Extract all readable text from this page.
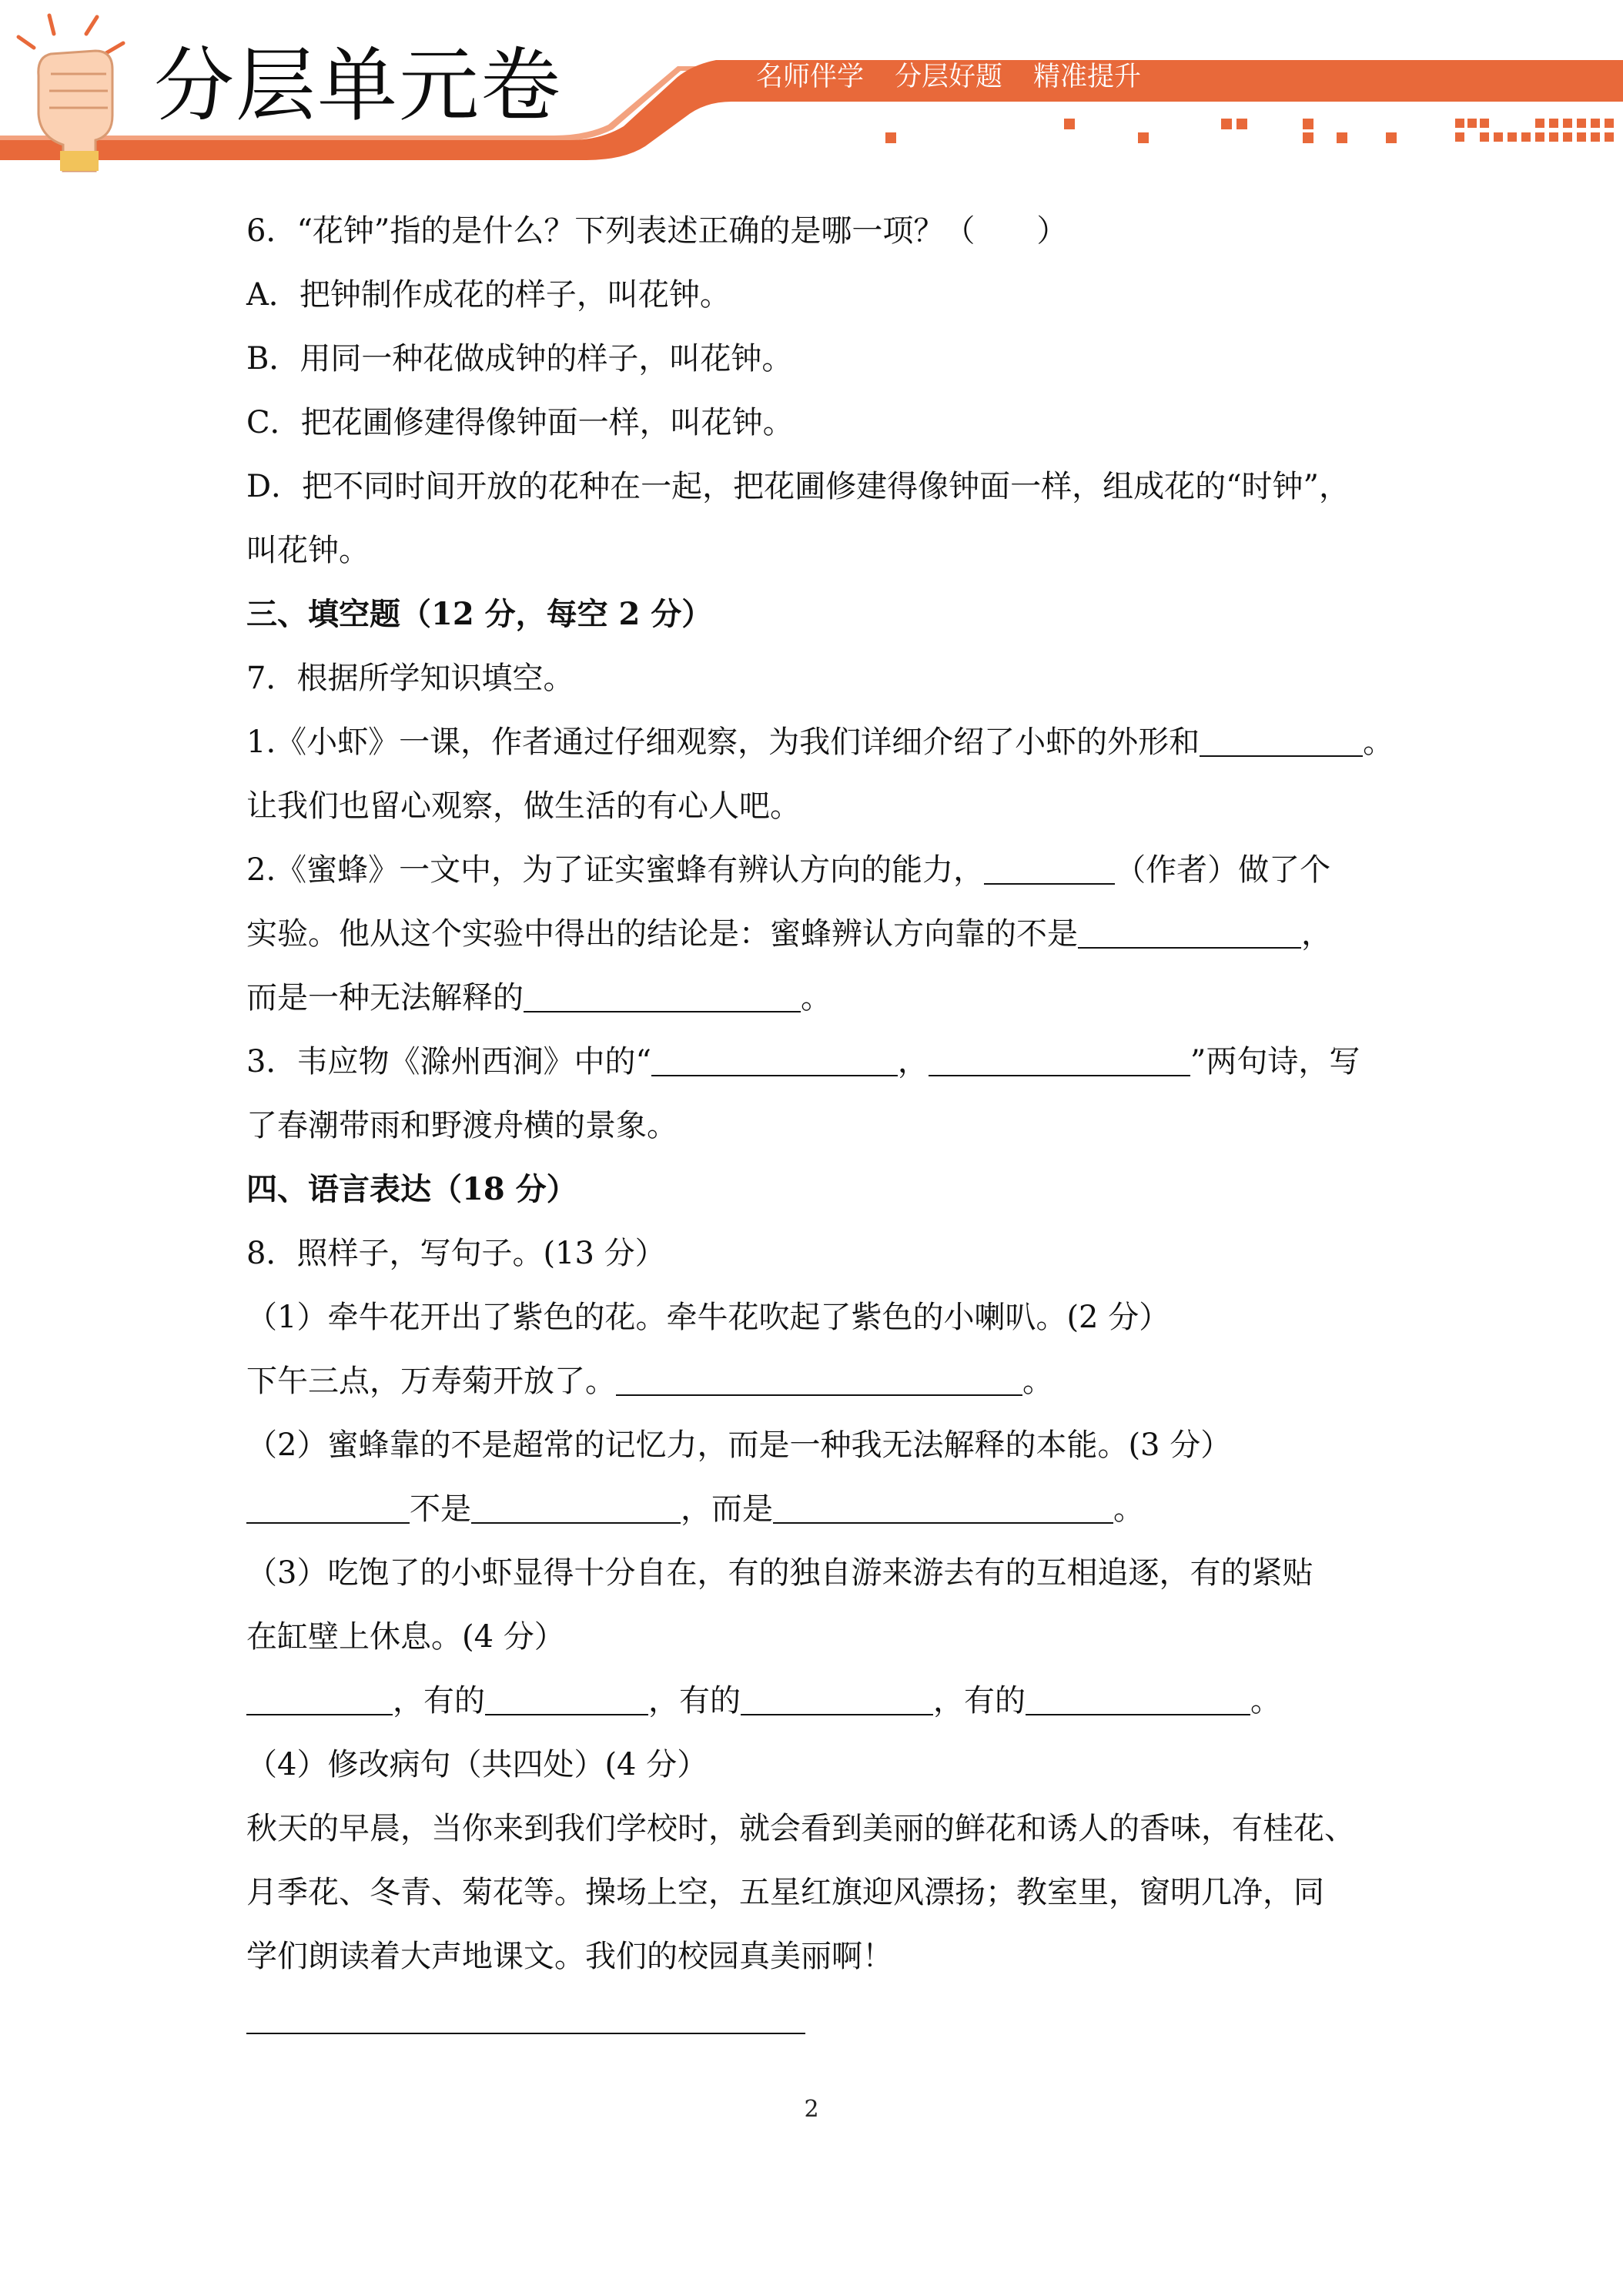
分层单元卷	名师伴学 分层好题 精准提升
6．“花钟”指的是什么？下列表述正确的是哪一项？（　　）
A．把钟制作成花的样子，叫花钟。
B．用同一种花做成钟的样子，叫花钟。
C．把花圃修建得像钟面一样，叫花钟。
D．把不同时间开放的花种在一起，把花圃修建得像钟面一样，组成花的“时钟”，
叫花钟。
三、填空题（12 分，每空 2 分）
7．根据所学知识填空。
1.《小虾》一课，作者通过仔细观察，为我们详细介绍了小虾的外形和	。
让我们也留心观察，做生活的有心人吧。
2.《蜜蜂》一文中，为了证实蜜蜂有辨认方向的能力，	（作者）做了个
实验。他从这个实验中得出的结论是：蜜蜂辨认方向靠的不是	，
而是一种无法解释的	。
3．韦应物《滁州西涧》中的“	，	”两句诗，写
了春潮带雨和野渡舟横的景象。
四、语言表达（18 分）
8．照样子，写句子。(13 分）
（1）牵牛花开出了紫色的花。牵牛花吹起了紫色的小喇叭。(2 分）
下午三点，万寿菊开放了。	。
（2）蜜蜂靠的不是超常的记忆力，而是一种我无法解释的本能。(3 分）
不是	，而是	。
（3）吃饱了的小虾显得十分自在，有的独自游来游去有的互相追逐，有的紧贴
在缸壁上休息。(4 分）
，有的	，有的	，有的	。
（4）修改病句（共四处）(4 分）
秋天的早晨，当你来到我们学校时，就会看到美丽的鲜花和诱人的香味，有桂花、
月季花、冬青、菊花等。操场上空，五星红旗迎风漂扬；教室里，窗明几净，同
学们朗读着大声地课文。我们的校园真美丽啊！
2
